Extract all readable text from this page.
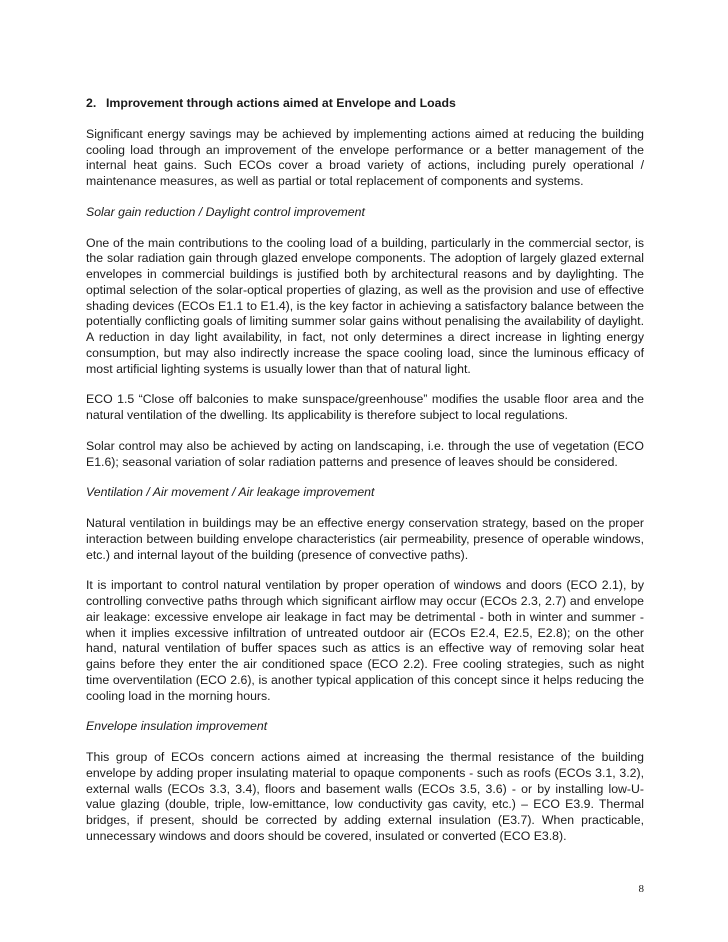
2. Improvement through actions aimed at Envelope and Loads

Significant energy savings may be achieved by implementing actions aimed at reducing the building cooling load through an improvement of the envelope performance or a better management of the internal heat gains. Such ECOs cover a broad variety of actions, including purely operational / maintenance measures, as well as partial or total replacement of components and systems.

Solar gain reduction / Daylight control improvement

One of the main contributions to the cooling load of a building, particularly in the commercial sector, is the solar radiation gain through glazed envelope components. The adoption of largely glazed external envelopes in commercial buildings is justified both by architectural reasons and by daylighting. The optimal selection of the solar-optical properties of glazing, as well as the provision and use of effective shading devices (ECOs E1.1 to E1.4), is the key factor in achieving a satisfactory balance between the potentially conflicting goals of limiting summer solar gains without penalising the availability of daylight. A reduction in day light availability, in fact, not only determines a direct increase in lighting energy consumption, but may also indirectly increase the space cooling load, since the luminous efficacy of most artificial lighting systems is usually lower than that of natural light.

ECO 1.5 “Close off balconies to make sunspace/greenhouse” modifies the usable floor area and the natural ventilation of the dwelling. Its applicability is therefore subject to local regulations.

Solar control may also be achieved by acting on landscaping, i.e. through the use of vegetation (ECO E1.6); seasonal variation of solar radiation patterns and presence of leaves should be considered.

Ventilation / Air movement / Air leakage improvement

Natural ventilation in buildings may be an effective energy conservation strategy, based on the proper interaction between building envelope characteristics (air permeability, presence of operable windows, etc.) and internal layout of the building (presence of convective paths).

It is important to control natural ventilation by proper operation of windows and doors (ECO 2.1), by controlling convective paths through which significant airflow may occur (ECOs 2.3, 2.7) and envelope air leakage: excessive envelope air leakage in fact may be detrimental - both in winter and summer - when it implies excessive infiltration of untreated outdoor air (ECOs E2.4, E2.5, E2.8); on the other hand, natural ventilation of buffer spaces such as attics is an effective way of removing solar heat gains before they enter the air conditioned space (ECO 2.2). Free cooling strategies, such as night time overventilation (ECO 2.6), is another typical application of this concept since it helps reducing the cooling load in the morning hours.

Envelope insulation improvement

This group of ECOs concern actions aimed at increasing the thermal resistance of the building envelope by adding proper insulating material to opaque components - such as roofs (ECOs 3.1, 3.2), external walls (ECOs 3.3, 3.4), floors and basement walls (ECOs 3.5, 3.6) - or by installing low-U-value glazing (double, triple, low-emittance, low conductivity gas cavity, etc.) – ECO E3.9. Thermal bridges, if present, should be corrected by adding external insulation (E3.7). When practicable, unnecessary windows and doors should be covered, insulated or converted (ECO E3.8).

8
